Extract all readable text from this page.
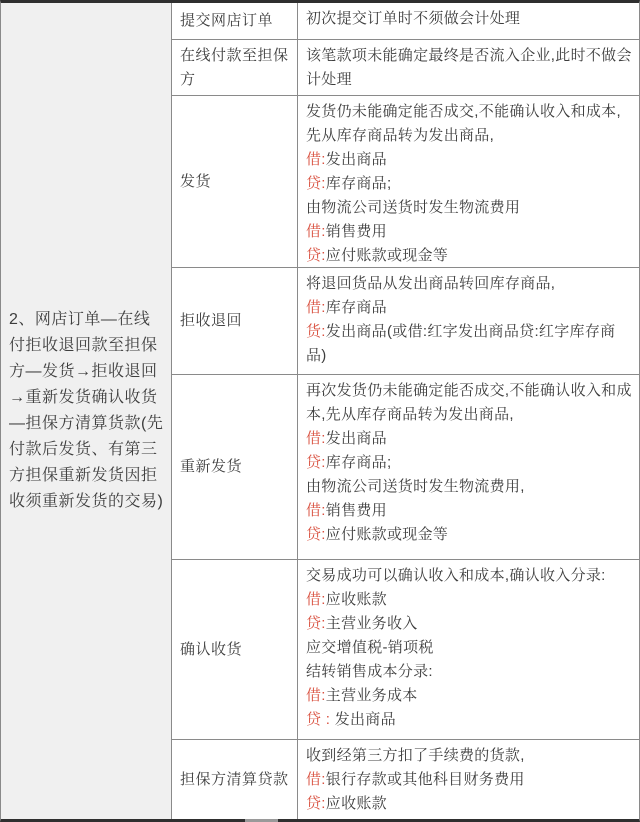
2、网店订单—在线付拒收退回款至担保方—发货→拒收退回→重新发货确认收货—担保方清算货款(先付款后发货、有第三方担保重新发货因拒收须重新发货的交易)
提交网店订单 初次提交订单时不须做会计处理
在线付款至担保方
该笔款项未能确定最终是否流入企业,此时不做会计处理
发货
发货仍未能确定能否成交,不能确认收入和成本,先从库存商品转为发出商品,
借:发出商品
贷:库存商品;
由物流公司送货时发生物流费用
借:销售费用
贷:应付账款或现金等
拒收退回
将退回货品从发出商品转回库存商品,
借:库存商品
货:发出商品(或借:红字发出商品贷:红字库存商品)
重新发货
再次发货仍未能确定能否成交,不能确认收入和成本,先从库存商品转为发出商品,
借:发出商品
贷:库存商品;
由物流公司送货时发生物流费用,
借:销售费用
贷:应付账款或现金等
确认收货
交易成功可以确认收入和成本,确认收入分录:
借:应收账款
贷:主营业务收入
应交增值税-销项税
结转销售成本分录:
借:主营业务成本
贷 : 发出商品
担保方清算贷款
收到经第三方扣了手续费的货款,
借:银行存款或其他科目财务费用
贷:应收账款
